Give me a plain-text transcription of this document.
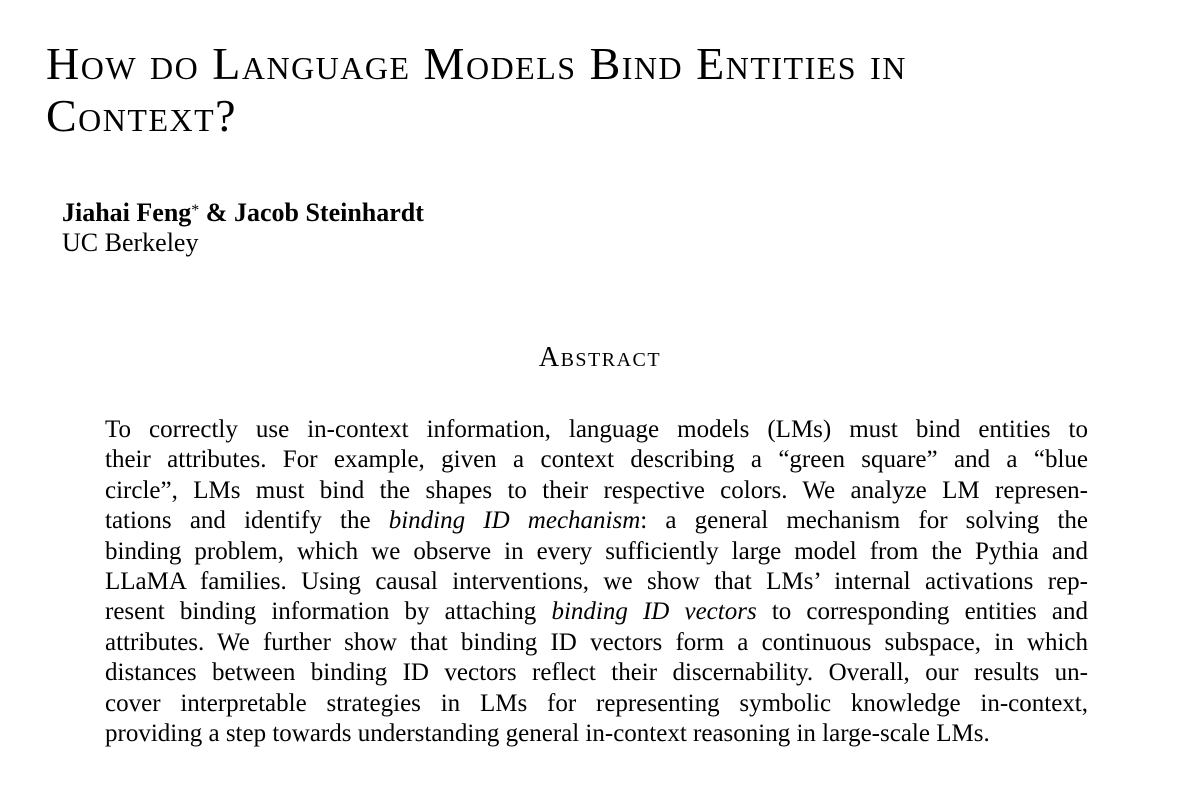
How do Language Models Bind Entities in
Context?
Jiahai Feng* & Jacob Steinhardt
UC Berkeley
Abstract
To correctly use in-context information, language models (LMs) must bind entities to
their attributes. For example, given a context describing a “green square” and a “blue
circle”, LMs must bind the shapes to their respective colors. We analyze LM represen-
tations and identify the binding ID mechanism: a general mechanism for solving the
binding problem, which we observe in every sufficiently large model from the Pythia and
LLaMA families. Using causal interventions, we show that LMs’ internal activations rep-
resent binding information by attaching binding ID vectors to corresponding entities and
attributes. We further show that binding ID vectors form a continuous subspace, in which
distances between binding ID vectors reflect their discernability. Overall, our results un-
cover interpretable strategies in LMs for representing symbolic knowledge in-context,
providing a step towards understanding general in-context reasoning in large-scale LMs.
